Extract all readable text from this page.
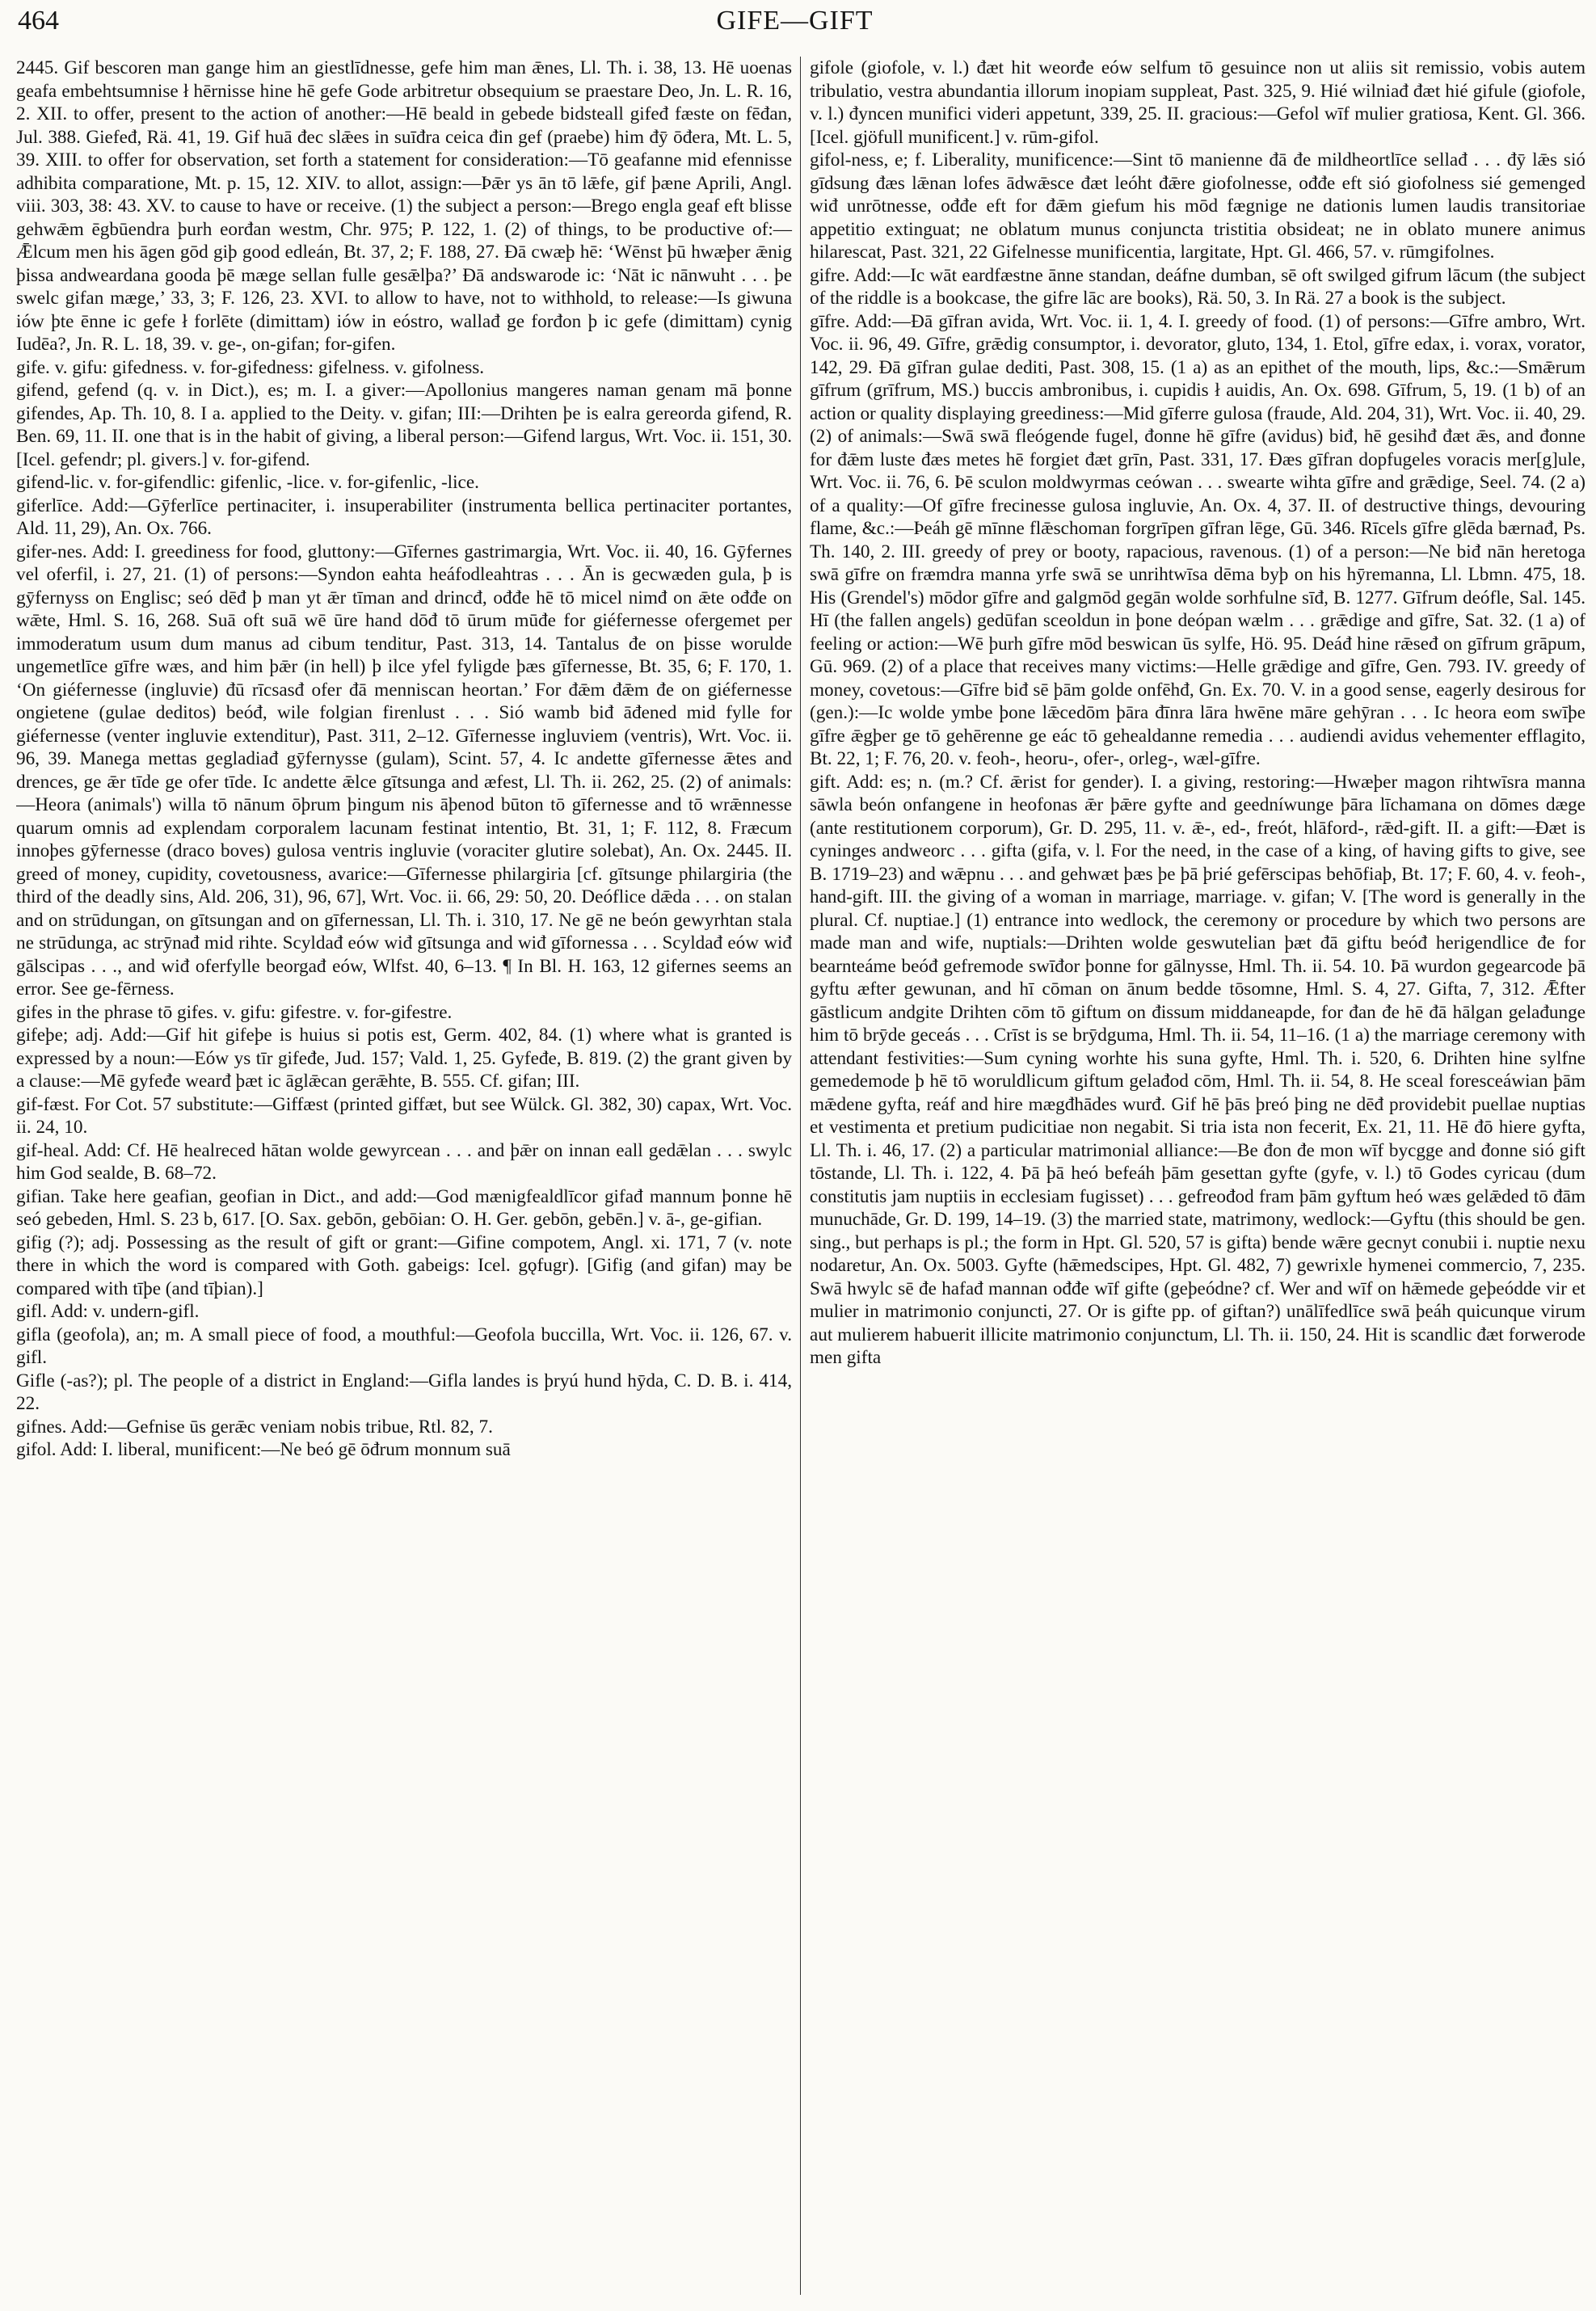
464	GIFE—GIFT

2445. Gif bescoren man gange him an giestlīdnesse, gefe him man ǣnes, Ll. Th. i. 38, 13. Hē uoenas geafa embehtsumnise ł hērnisse hine hē gefe Gode arbitretur obsequium se praestare Deo, Jn. L. R. 16, 2. XII. to offer, present to the action of another:—Hē beald in gebede bidsteall gifeđ fæste on fēđan, Jul. 388. Giefeđ, Rä. 41, 19. Gif huā đec slǣes in suīđra ceica đin gef (praebe) him đȳ ōđera, Mt. L. 5, 39. XIII. to offer for observation, set forth a statement for consideration:—Tō geafanne mid efennisse adhibita comparatione, Mt. p. 15, 12. XIV. to allot, assign:—Þǣr ys ān tō lǣfe, gif þæne Aprili, Angl. viii. 303, 38: 43. XV. to cause to have or receive. (1) the subject a person:—Brego engla geaf eft blisse gehwǣm ēgbūendra þurh eorđan westm, Chr. 975; P. 122, 1. (2) of things, to be productive of:—Ǣlcum men his āgen gōd giþ good edleán, Bt. 37, 2; F. 188, 27. Đā cwæþ hē: ‘Wēnst þū hwæþer ǣnig þissa andweardana gooda þē mæge sellan fulle gesǣlþa?’ Đā andswarode ic: ‘Nāt ic nānwuht . . . þe swelc gifan mæge,’ 33, 3; F. 126, 23. XVI. to allow to have, not to withhold, to release:—Is giwuna iów þte ēnne ic gefe ł forlēte (dimittam) iów in eóstro, wallađ ge forđon þ ic gefe (dimittam) cynig Iudēa?, Jn. R. L. 18, 39. v. ge-, on-gifan; for-gifen.

gife. v. gifu: gifedness. v. for-gifedness: gifelness. v. gifolness.

gifend, gefend (q. v. in Dict.), es; m. I. a giver:—Apollonius mangeres naman genam mā þonne gifendes, Ap. Th. 10, 8. I a. applied to the Deity. v. gifan; III:—Drihten þe is ealra gereorda gifend, R. Ben. 69, 11. II. one that is in the habit of giving, a liberal person:—Gifend largus, Wrt. Voc. ii. 151, 30. [Icel. gefendr; pl. givers.] v. for-gifend.

gifend-lic. v. for-gifendlic: gifenlic, -lice. v. for-gifenlic, -lice.

giferlīce. Add:—Gȳferlīce pertinaciter, i. insuperabiliter (instrumenta bellica pertinaciter portantes, Ald. 11, 29), An. Ox. 766.

gifer-nes. Add: I. greediness for food, gluttony:—Gīfernes gastrimargia, Wrt. Voc. ii. 40, 16. Gȳfernes vel oferfil, i. 27, 21. (1) of persons:—Syndon eahta heáfodleahtras . . . Ān is gecwæden gula, þ is gȳfernyss on Englisc; seó dēđ þ man yt ǣr tīman and drincđ, ođđe hē tō micel nimđ on ǣte ođđe on wǣte, Hml. S. 16, 268. Suā oft suā wē ūre hand dōđ tō ūrum mūđe for giéfernesse ofergemet per immoderatum usum dum manus ad cibum tenditur, Past. 313, 14. Tantalus đe on þisse worulde ungemetlīce gīfre wæs, and him þǣr (in hell) þ ilce yfel fyligde þæs gīfernesse, Bt. 35, 6; F. 170, 1. ‘On giéfernesse (ingluvie) đū rīcsasđ ofer đā menniscan heortan.’ For đǣm đǣm đe on giéfernesse ongietene (gulae deditos) beóđ, wile folgian firenlust . . . Sió wamb biđ āđened mid fylle for giéfernesse (venter ingluvie extenditur), Past. 311, 2–12. Gīfernesse ingluviem (ventris), Wrt. Voc. ii. 96, 39. Manega mettas gegladiađ gȳfernysse (gulam), Scint. 57, 4. Ic andette gīfernesse ǣtes and drences, ge ǣr tīde ge ofer tīde. Ic andette ǣlce gītsunga and æfest, Ll. Th. ii. 262, 25. (2) of animals:—Heora (animals') willa tō nānum ōþrum þingum nis āþenod būton tō gīfernesse and tō wrǣnnesse quarum omnis ad explendam corporalem lacunam festinat intentio, Bt. 31, 1; F. 112, 8. Fræcum innoþes gȳfernesse (draco boves) gulosa ventris ingluvie (voraciter glutire solebat), An. Ox. 2445. II. greed of money, cupidity, covetousness, avarice:—Gīfernesse philargiria [cf. gītsunge philargiria (the third of the deadly sins, Ald. 206, 31), 96, 67], Wrt. Voc. ii. 66, 29: 50, 20. Deóflice dǣda . . . on stalan and on strūdungan, on gītsungan and on gīfernessan, Ll. Th. i. 310, 17. Ne gē ne beón gewyrhtan stala ne strūdunga, ac strȳnađ mid rihte. Scyldađ eów wiđ gītsunga and wiđ gīfornessa . . . Scyldađ eów wiđ gālscipas . . ., and wiđ oferfylle beorgađ eów, Wlfst. 40, 6–13. ¶ In Bl. H. 163, 12 gifernes seems an error. See ge-fērness.

gifes in the phrase tō gifes. v. gifu: gifestre. v. for-gifestre.

gifeþe; adj. Add:—Gif hit gifeþe is huius si potis est, Germ. 402, 84. (1) where what is granted is expressed by a noun:—Eów ys tīr gifeđe, Jud. 157; Vald. 1, 25. Gyfeđe, B. 819. (2) the grant given by a clause:—Mē gyfeđe wearđ þæt ic āglǣcan gerǣhte, B. 555. Cf. gifan; III.

gif-fæst. For Cot. 57 substitute:—Giffæst (printed giffæt, but see Wülck. Gl. 382, 30) capax, Wrt. Voc. ii. 24, 10.

gif-heal. Add: Cf. Hē healreced hātan wolde gewyrcean . . . and þǣr on innan eall gedǣlan . . . swylc him God sealde, B. 68–72.

gifian. Take here geafian, geofian in Dict., and add:—God mænigfealdlīcor gifađ mannum þonne hē seó gebeden, Hml. S. 23 b, 617. [O. Sax. gebōn, gebōian: O. H. Ger. gebōn, gebēn.] v. ā-, ge-gifian.

gifig (?); adj. Possessing as the result of gift or grant:—Gifine compotem, Angl. xi. 171, 7 (v. note there in which the word is compared with Goth. gabeigs: Icel. gǫfugr). [Gifig (and gifan) may be compared with tīþe (and tīþian).]

gifl. Add: v. undern-gifl.

gifla (geofola), an; m. A small piece of food, a mouthful:—Geofola buccilla, Wrt. Voc. ii. 126, 67. v. gifl.

Gifle (-as?); pl. The people of a district in England:—Gifla landes is þryú hund hȳda, C. D. B. i. 414, 22.

gifnes. Add:—Gefnise ūs gerǣc veniam nobis tribue, Rtl. 82, 7.

gifol. Add: I. liberal, munificent:—Ne beó gē ōđrum monnum suā

gifole (giofole, v. l.) đæt hit weorđe eów selfum tō gesuince non ut aliis sit remissio, vobis autem tribulatio, vestra abundantia illorum inopiam suppleat, Past. 325, 9. Hié wilniađ đæt hié gifule (giofole, v. l.) đyncen munifici videri appetunt, 339, 25. II. gracious:—Gefol wīf mulier gratiosa, Kent. Gl. 366. [Icel. gjöfull munificent.] v. rūm-gifol.

gifol-ness, e; f. Liberality, munificence:—Sint tō manienne đā đe mildheortlīce sellađ . . . đȳ lǣs sió gīdsung đæs lǣnan lofes ādwǣsce đæt leóht đǣre giofolnesse, ođđe eft sió giofolness sié gemenged wiđ unrōtnesse, ođđe eft for đǣm giefum his mōd fægnige ne dationis lumen laudis transitoriae appetitio extinguat; ne oblatum munus conjuncta tristitia obsideat; ne in oblato munere animus hilarescat, Past. 321, 22 Gifelnesse munificentia, largitate, Hpt. Gl. 466, 57. v. rūmgifolnes.

gifre. Add:—Ic wāt eardfæstne ānne standan, deáfne dumban, sē oft swilged gifrum lācum (the subject of the riddle is a bookcase, the gifre lāc are books), Rä. 50, 3. In Rä. 27 a book is the subject.

gīfre. Add:—Đā gīfran avida, Wrt. Voc. ii. 1, 4. I. greedy of food. (1) of persons:—Gīfre ambro, Wrt. Voc. ii. 96, 49. Gīfre, grǣdig consumptor, i. devorator, gluto, 134, 1. Etol, gīfre edax, i. vorax, vorator, 142, 29. Đā gīfran gulae dediti, Past. 308, 15. (1 a) as an epithet of the mouth, lips, &c.:—Smǣrum gīfrum (grīfrum, MS.) buccis ambronibus, i. cupidis ł auidis, An. Ox. 698. Gīfrum, 5, 19. (1 b) of an action or quality displaying greediness:—Mid gīferre gulosa (fraude, Ald. 204, 31), Wrt. Voc. ii. 40, 29. (2) of animals:—Swā swā fleógende fugel, đonne hē gīfre (avidus) biđ, hē gesihđ đæt ǣs, and đonne for đǣm luste đæs metes hē forgiet đæt grīn, Past. 331, 17. Đæs gīfran dopfugeles voracis mer[g]ule, Wrt. Voc. ii. 76, 6. Þē sculon moldwyrmas ceówan . . . swearte wihta gīfre and grǣdige, Seel. 74. (2 a) of a quality:—Of gīfre frecinesse gulosa ingluvie, An. Ox. 4, 37. II. of destructive things, devouring flame, &c.:—Þeáh gē mīnne flǣschoman forgrīpen gīfran lēge, Gū. 346. Rīcels gīfre glēda bærnađ, Ps. Th. 140, 2. III. greedy of prey or booty, rapacious, ravenous. (1) of a person:—Ne biđ nān heretoga swā gīfre on fræmdra manna yrfe swā se unrihtwīsa dēma byþ on his hȳremanna, Ll. Lbmn. 475, 18. His (Grendel's) mōdor gīfre and galgmōd gegān wolde sorhfulne sīđ, B. 1277. Gīfrum deófle, Sal. 145. Hī (the fallen angels) gedūfan sceoldun in þone deópan wælm . . . grǣdige and gīfre, Sat. 32. (1 a) of feeling or action:—Wē þurh gīfre mōd beswican ūs sylfe, Hö. 95. Deáđ hine rǣseđ on gīfrum grāpum, Gū. 969. (2) of a place that receives many victims:—Helle grǣdige and gīfre, Gen. 793. IV. greedy of money, covetous:—Gīfre biđ sē þām golde onfēhđ, Gn. Ex. 70. V. in a good sense, eagerly desirous for (gen.):—Ic wolde ymbe þone lǣcedōm þāra đīnra lāra hwēne māre gehȳran . . . Ic heora eom swīþe gīfre ǣgþer ge tō gehērenne ge eác tō gehealdanne remedia . . . audiendi avidus vehementer efflagito, Bt. 22, 1; F. 76, 20. v. feoh-, heoru-, ofer-, orleg-, wæl-gīfre.

gift. Add: es; n. (m.? Cf. ǣrist for gender). I. a giving, restoring:—Hwæþer magon rihtwīsra manna sāwla beón onfangene in heofonas ǣr þǣre gyfte and geedníwunge þāra līchamana on dōmes dæge (ante restitutionem corporum), Gr. D. 295, 11. v. ǣ-, ed-, freót, hlāford-, rǣd-gift. II. a gift:—Đæt is cyninges andweorc . . . gifta (gifa, v. l. For the need, in the case of a king, of having gifts to give, see B. 1719–23) and wǣpnu . . . and gehwæt þæs þe þā þrié gefērscipas behōfiaþ, Bt. 17; F. 60, 4. v. feoh-, hand-gift. III. the giving of a woman in marriage, marriage. v. gifan; V. [The word is generally in the plural. Cf. nuptiae.] (1) entrance into wedlock, the ceremony or procedure by which two persons are made man and wife, nuptials:—Drihten wolde geswutelian þæt đā giftu beóđ herigendlice đe for bearnteáme beóđ gefremode swīđor þonne for gālnysse, Hml. Th. ii. 54. 10. Þā wurdon gegearcode þā gyftu æfter gewunan, and hī cōman on ānum bedde tōsomne, Hml. S. 4, 27. Gifta, 7, 312. Ǣfter gāstlicum andgite Drihten cōm tō giftum on đissum middaneарde, for đan đe hē đā hālgan gelađunge him tō brȳde geceás . . . Crīst is se brȳdguma, Hml. Th. ii. 54, 11–16. (1 a) the marriage ceremony with attendant festivities:—Sum cyning worhte his suna gyfte, Hml. Th. i. 520, 6. Drihten hine sylfne gemedemode þ hē tō woruldlicum giftum gelađod cōm, Hml. Th. ii. 54, 8. He sceal foresceáwian þām mǣdene gyfta, reáf and hire mægđhādes wurđ. Gif hē þās þreó þing ne dēđ providebit puellae nuptias et vestimenta et pretium pudicitiae non negabit. Si tria ista non fecerit, Ex. 21, 11. Hē đō hiere gyfta, Ll. Th. i. 46, 17. (2) a particular matrimonial alliance:—Be đon đe mon wīf bycgge and đonne sió gift tōstande, Ll. Th. i. 122, 4. Þā þā heó befeáh þām gesettan gyfte (gyfe, v. l.) tō Godes cyricau (dum constitutis jam nuptiis in ecclesiam fugisset) . . . gefreođod fram þām gyftum heó wæs gelǣded tō đām munuchāde, Gr. D. 199, 14–19. (3) the married state, matrimony, wedlock:—Gyftu (this should be gen. sing., but perhaps is pl.; the form in Hpt. Gl. 520, 57 is gifta) bende wǣre gecnyt conubii i. nuptie nexu nodaretur, An. Ox. 5003. Gyfte (hǣmedscipes, Hpt. Gl. 482, 7) gewrixle hymenei commercio, 7, 235. Swā hwylc sē đe hafađ mannan ođđe wīf gifte (geþeódne? cf. Wer and wīf on hǣmede geþeódde vir et mulier in matrimonio conjuncti, 27. Or is gifte pp. of giftan?) unālīfedlīce swā þeáh quicunque virum aut mulierem habuerit illicite matrimonio conjunctum, Ll. Th. ii. 150, 24. Hit is scandlic đæt forwerode men gifta
